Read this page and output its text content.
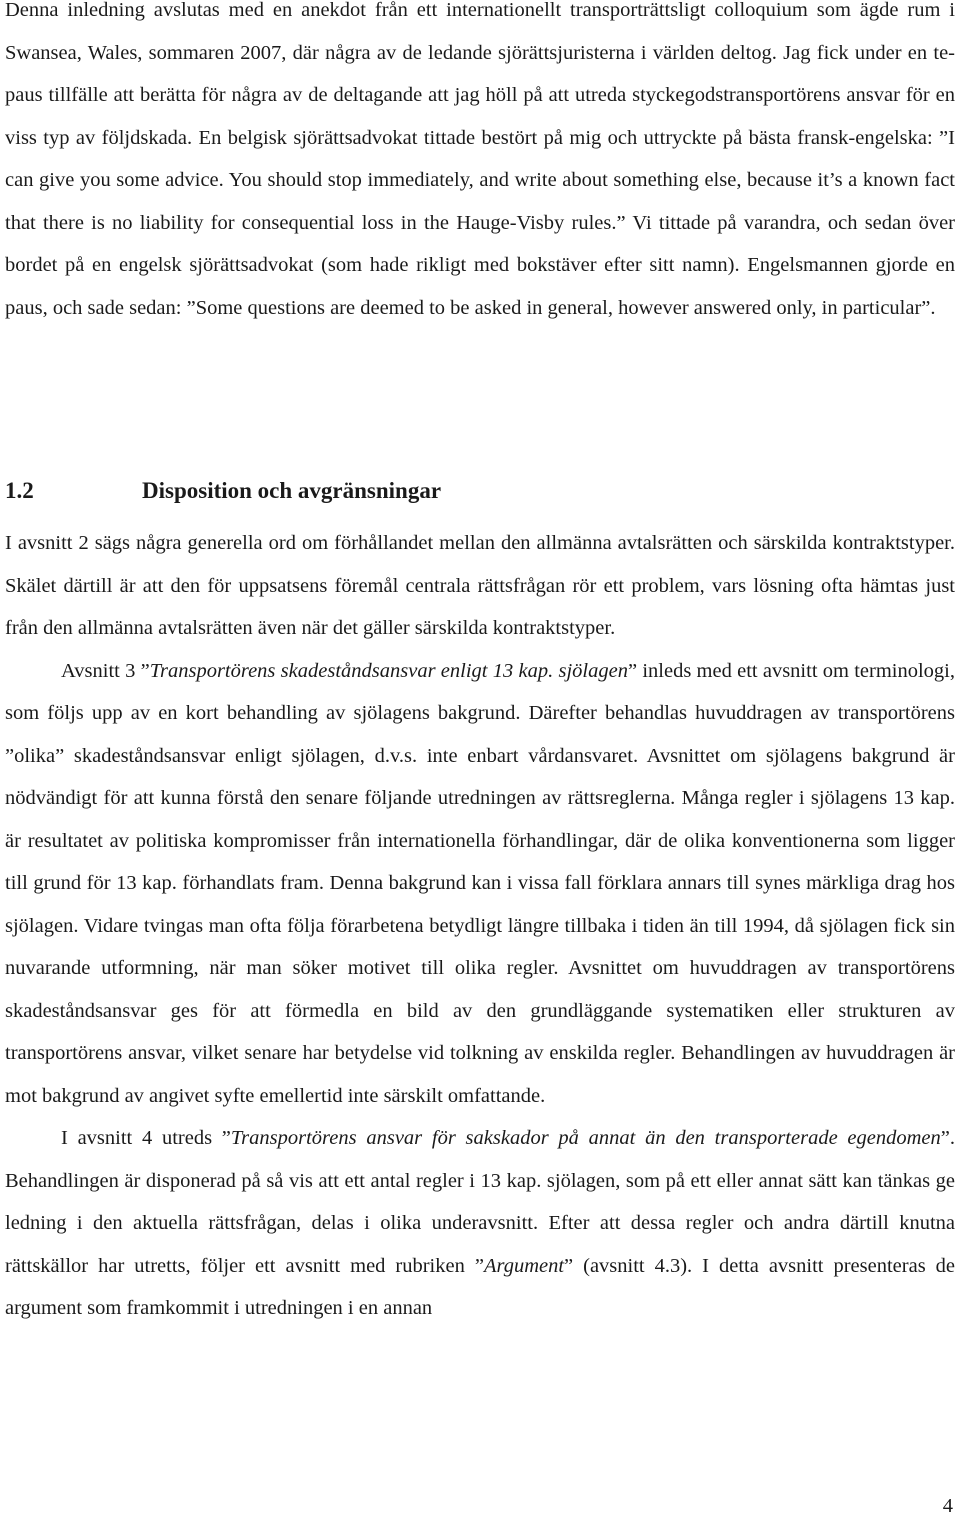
Denna inledning avslutas med en anekdot från ett internationellt transporträttsligt colloquium som ägde rum i Swansea, Wales, sommaren 2007, där några av de ledande sjörättsjuristerna i världen deltog. Jag fick under en te-paus tillfälle att berätta för några av de deltagande att jag höll på att utreda styckegodstransportörens ansvar för en viss typ av följdskada. En belgisk sjörättsadvokat tittade bestört på mig och uttryckte på bästa fransk-engelska: ”I can give you some advice. You should stop immediately, and write about something else, because it’s a known fact that there is no liability for consequential loss in the Hauge-Visby rules.” Vi tittade på varandra, och sedan över bordet på en engelsk sjörättsadvokat (som hade rikligt med bokstäver efter sitt namn). Engelsmannen gjorde en paus, och sade sedan: ”Some questions are deemed to be asked in general, however answered only, in particular”.

1.2	Disposition och avgränsningar

I avsnitt 2 sägs några generella ord om förhållandet mellan den allmänna avtalsrätten och särskilda kontraktstyper. Skälet därtill är att den för uppsatsens föremål centrala rättsfrågan rör ett problem, vars lösning ofta hämtas just från den allmänna avtalsrätten även när det gäller särskilda kontraktstyper.

Avsnitt 3 ”Transportörens skadeståndsansvar enligt 13 kap. sjölagen” inleds med ett avsnitt om terminologi, som följs upp av en kort behandling av sjölagens bakgrund. Därefter behandlas huvuddragen av transportörens ”olika” skadeståndsansvar enligt sjölagen, d.v.s. inte enbart vårdansvaret. Avsnittet om sjölagens bakgrund är nödvändigt för att kunna förstå den senare följande utredningen av rättsreglerna. Många regler i sjölagens 13 kap. är resultatet av politiska kompromisser från internationella förhandlingar, där de olika konventionerna som ligger till grund för 13 kap. förhandlats fram. Denna bakgrund kan i vissa fall förklara annars till synes märkliga drag hos sjölagen. Vidare tvingas man ofta följa förarbetena betydligt längre tillbaka i tiden än till 1994, då sjölagen fick sin nuvarande utformning, när man söker motivet till olika regler. Avsnittet om huvuddragen av transportörens skadeståndsansvar ges för att förmedla en bild av den grundläggande systematiken eller strukturen av transportörens ansvar, vilket senare har betydelse vid tolkning av enskilda regler. Behandlingen av huvuddragen är mot bakgrund av angivet syfte emellertid inte särskilt omfattande.

I avsnitt 4 utreds ”Transportörens ansvar för sakskador på annat än den transporterade egendomen”. Behandlingen är disponerad på så vis att ett antal regler i 13 kap. sjölagen, som på ett eller annat sätt kan tänkas ge ledning i den aktuella rättsfrågan, delas i olika underavsnitt. Efter att dessa regler och andra därtill knutna rättskällor har utretts, följer ett avsnitt med rubriken ”Argument” (avsnitt 4.3). I detta avsnitt presenteras de argument som framkommit i utredningen i en annan

4
